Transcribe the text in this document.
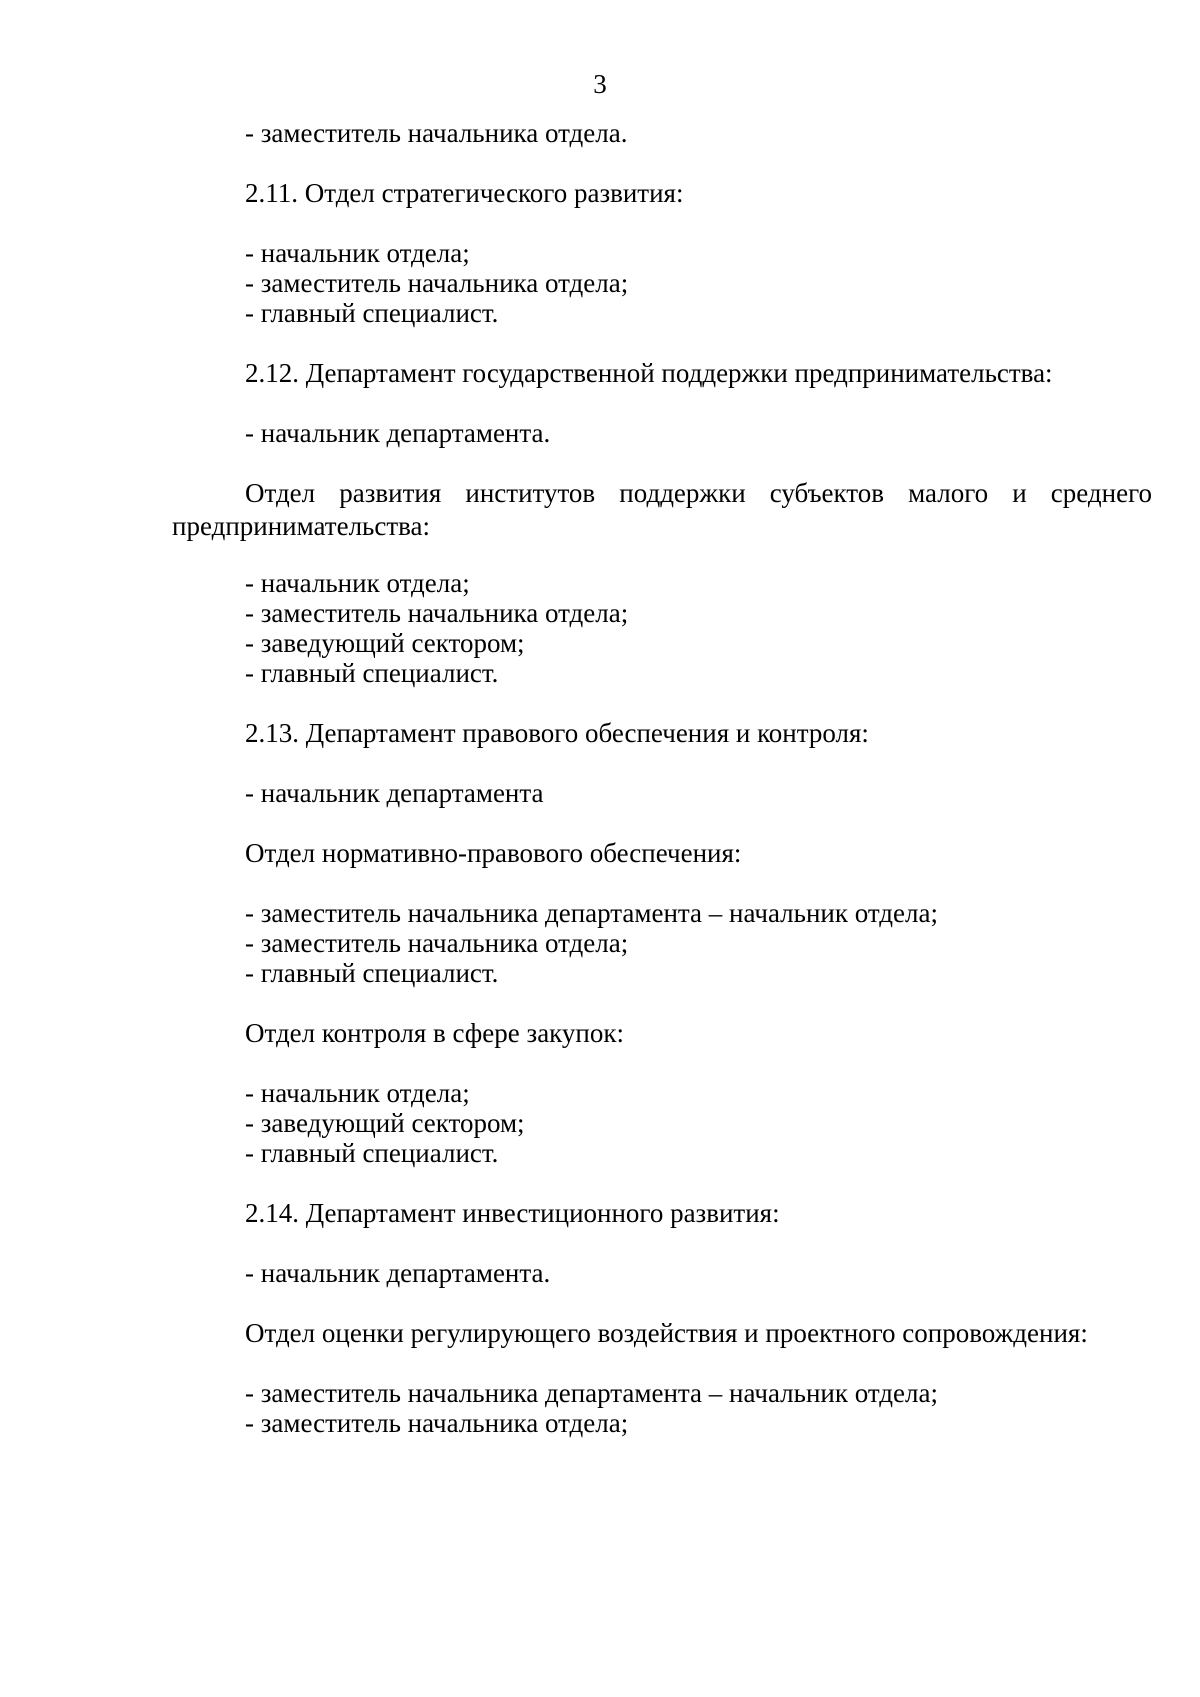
3
- заместитель начальника отдела.
2.11. Отдел стратегического развития:
- начальник отдела;
- заместитель начальника отдела;
- главный специалист.
2.12. Департамент государственной поддержки предпринимательства:
- начальник департамента.
Отдел развития институтов поддержки субъектов малого и среднего
предпринимательства:
- начальник отдела;
- заместитель начальника отдела;
- заведующий сектором;
- главный специалист.
2.13. Департамент правового обеспечения и контроля:
- начальник департамента
Отдел нормативно-правового обеспечения:
- заместитель начальника департамента – начальник отдела;
- заместитель начальника отдела;
- главный специалист.
Отдел контроля в сфере закупок:
- начальник отдела;
- заведующий сектором;
- главный специалист.
2.14. Департамент инвестиционного развития:
- начальник департамента.
Отдел оценки регулирующего воздействия и проектного сопровождения:
- заместитель начальника департамента – начальник отдела;
- заместитель начальника отдела;
